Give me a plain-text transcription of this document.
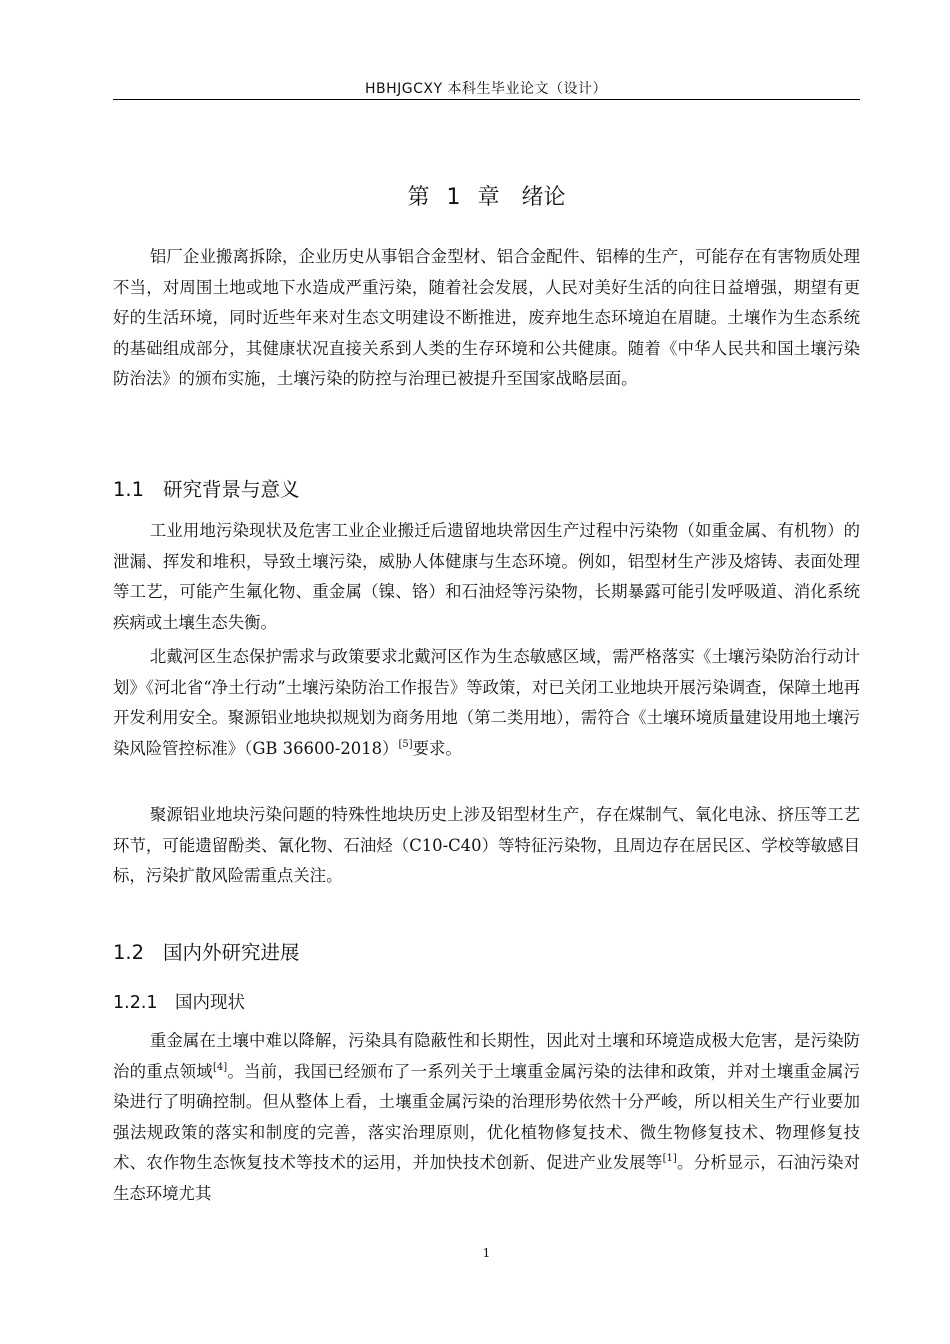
HBHJGCXY 本科生毕业论文（设计）
第 1 章　绪论

铝厂企业搬离拆除，企业历史从事铝合金型材、铝合金配件、铝棒的生产，可能存在有害物质处理不当，对周围土地或地下水造成严重污染，随着社会发展，人民对美好生活的向往日益增强，期望有更好的生活环境，同时近些年来对生态文明建设不断推进，废弃地生态环境迫在眉睫。土壤作为生态系统的基础组成部分，其健康状况直接关系到人类的生存环境和公共健康。随着《中华人民共和国土壤污染防治法》的颁布实施，土壤污染的防控与治理已被提升至国家战略层面。

1.1 研究背景与意义

工业用地污染现状及危害工业企业搬迁后遗留地块常因生产过程中污染物（如重金属、有机物）的泄漏、挥发和堆积，导致土壤污染，威胁人体健康与生态环境。例如，铝型材生产涉及熔铸、表面处理等工艺，可能产生氟化物、重金属（镍、铬）和石油烃等污染物，长期暴露可能引发呼吸道、消化系统疾病或土壤生态失衡。

北戴河区生态保护需求与政策要求北戴河区作为生态敏感区域，需严格落实《土壤污染防治行动计划》《河北省“净土行动”土壤污染防治工作报告》等政策，对已关闭工业地块开展污染调查，保障土地再开发利用安全。聚源铝业地块拟规划为商务用地（第二类用地），需符合《土壤环境质量建设用地土壤污染风险管控标准》（GB 36600-2018）[5]要求。

聚源铝业地块污染问题的特殊性地块历史上涉及铝型材生产，存在煤制气、氧化电泳、挤压等工艺环节，可能遗留酚类、氰化物、石油烃（C10-C40）等特征污染物，且周边存在居民区、学校等敏感目标，污染扩散风险需重点关注。

1.2 国内外研究进展
1.2.1 国内现状

重金属在土壤中难以降解，污染具有隐蔽性和长期性，因此对土壤和环境造成极大危害，是污染防治的重点领域[4]。当前，我国已经颁布了一系列关于土壤重金属污染的法律和政策，并对土壤重金属污染进行了明确控制。但从整体上看，土壤重金属污染的治理形势依然十分严峻，所以相关生产行业要加强法规政策的落实和制度的完善，落实治理原则，优化植物修复技术、微生物修复技术、物理修复技术、农作物生态恢复技术等技术的运用，并加快技术创新、促进产业发展等[1]。分析显示，石油污染对生态环境尤其

1
